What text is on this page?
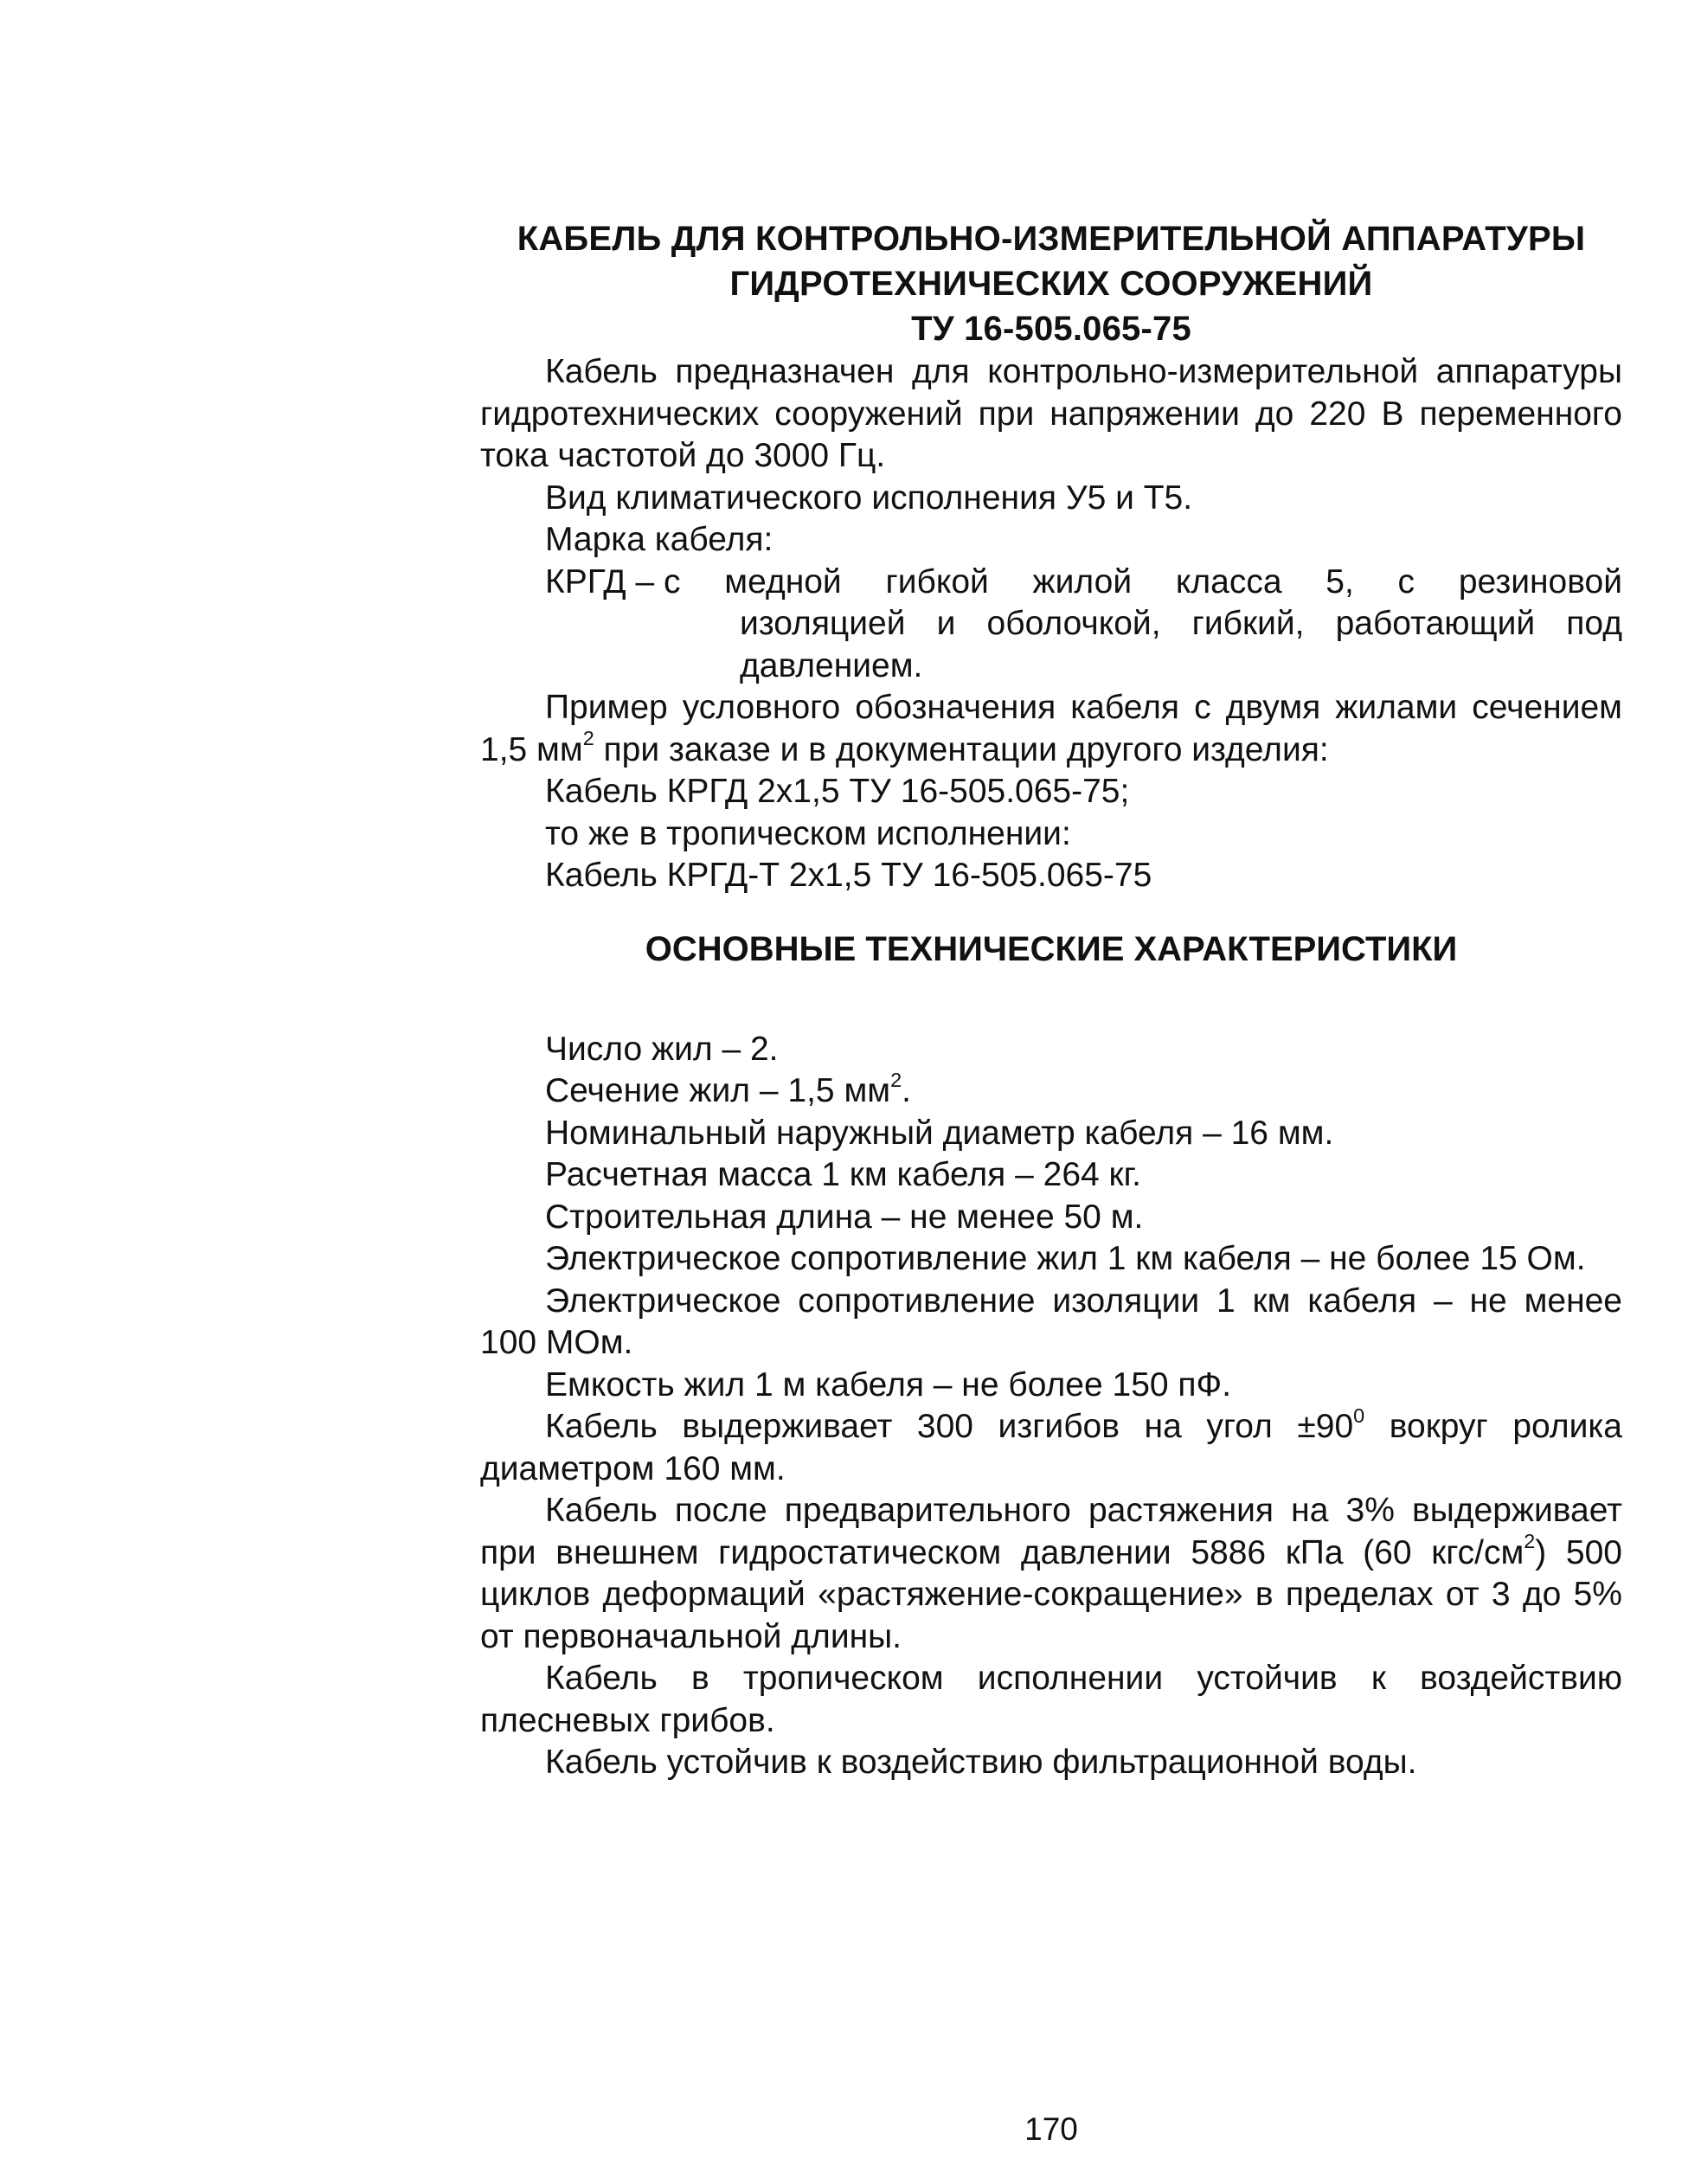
КАБЕЛЬ ДЛЯ КОНТРОЛЬНО-ИЗМЕРИТЕЛЬНОЙ АППАРАТУРЫ
ГИДРОТЕХНИЧЕСКИХ СООРУЖЕНИЙ
ТУ 16-505.065-75

Кабель предназначен для контрольно-измерительной аппаратуры гидротехнических сооружений при напряжении до 220 В переменного тока частотой до 3000 Гц.

Вид климатического исполнения У5 и Т5.

Марка кабеля:

КРГД – с медной гибкой жилой класса 5, с резиновой

изоляцией и оболочкой, гибкий, работающий под давлением.

Пример условного обозначения кабеля с двумя жилами сечением 1,5 $мм^2$ при заказе и в документации другого изделия:

Кабель КРГД 2х1,5 ТУ 16-505.065-75;

то же в тропическом исполнении:

Кабель КРГД-Т 2х1,5 ТУ 16-505.065-75

ОСНОВНЫЕ ТЕХНИЧЕСКИЕ ХАРАКТЕРИСТИКИ

Число жил – 2.

Сечение жил – 1,5 $мм^2$.

Номинальный наружный диаметр кабеля – 16 мм.

Расчетная масса 1 км кабеля – 264 кг.

Строительная длина – не менее 50 м.

Электрическое сопротивление жил 1 км кабеля – не более 15 Ом.

Электрическое сопротивление изоляции 1 км кабеля – не менее 100 МОм.

Емкость жил 1 м кабеля – не более 150 пФ.

Кабель выдерживает 300 изгибов на угол $\pm 90^0$ вокруг ролика диаметром 160 мм.

Кабель после предварительного растяжения на 3% выдерживает при внешнем гидростатическом давлении 5886 кПа (60 кгс/$см^2$) 500 циклов деформаций «растяжение-сокращение» в пределах от 3 до 5% от первоначальной длины.

Кабель в тропическом исполнении устойчив к воздействию плесневых грибов.

Кабель устойчив к воздействию фильтрационной воды.

170
